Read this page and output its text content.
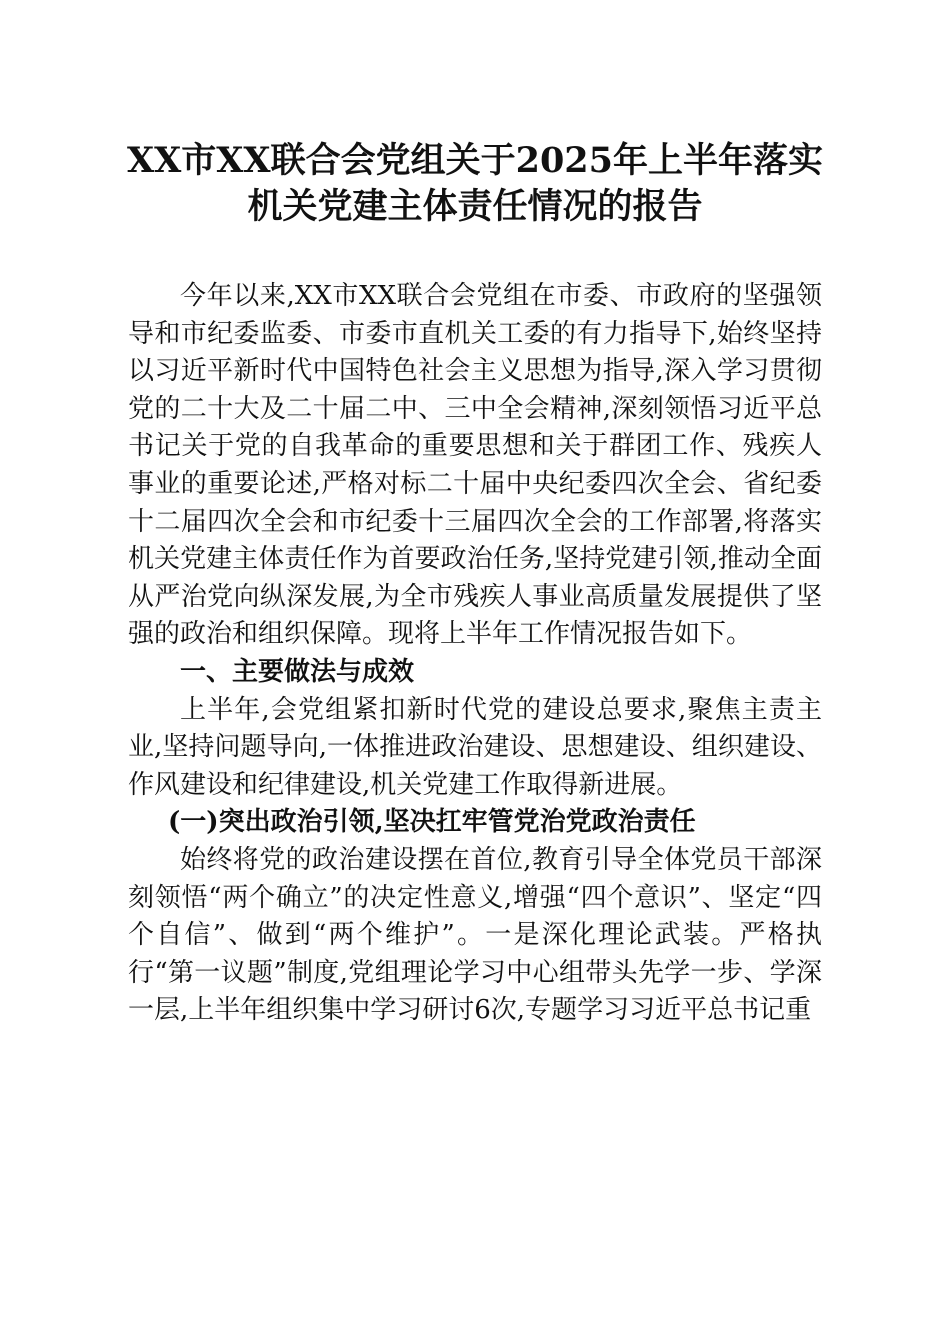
XX市XX联合会党组关于2025年上半年落实
机关党建主体责任情况的报告

今年以来,XX市XX联合会党组在市委、市政府的坚强领导和市纪委监委、市委市直机关工委的有力指导下,始终坚持以习近平新时代中国特色社会主义思想为指导,深入学习贯彻党的二十大及二十届二中、三中全会精神,深刻领悟习近平总书记关于党的自我革命的重要思想和关于群团工作、残疾人事业的重要论述,严格对标二十届中央纪委四次全会、省纪委十二届四次全会和市纪委十三届四次全会的工作部署,将落实机关党建主体责任作为首要政治任务,坚持党建引领,推动全面从严治党向纵深发展,为全市残疾人事业高质量发展提供了坚强的政治和组织保障。现将上半年工作情况报告如下。

一、主要做法与成效

上半年,会党组紧扣新时代党的建设总要求,聚焦主责主业,坚持问题导向,一体推进政治建设、思想建设、组织建设、作风建设和纪律建设,机关党建工作取得新进展。

(一)突出政治引领,坚决扛牢管党治党政治责任

始终将党的政治建设摆在首位,教育引导全体党员干部深刻领悟“两个确立”的决定性意义,增强“四个意识”、坚定“四个自信”、做到“两个维护”。一是深化理论武装。严格执行“第一议题”制度,党组理论学习中心组带头先学一步、学深一层,上半年组织集中学习研讨6次,专题学习习近平总书记重
